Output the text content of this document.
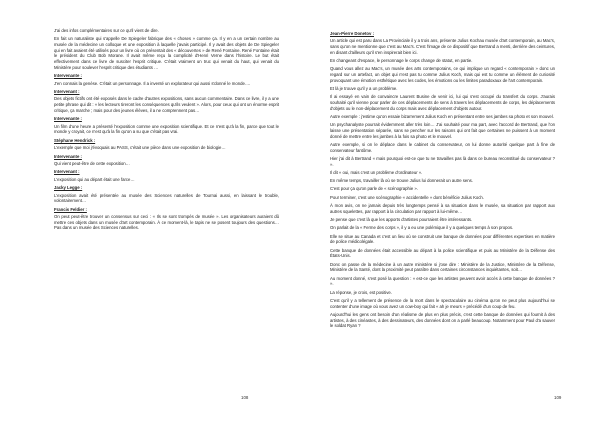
J'ai des infos complémentaires sur ce qu'il vient de dire.

En fait un naturaliste qui s'appelle De Spiegeler fabrique des « choses » comme ça. Il y en a un certain nombre au musée de la médecine un colloque et une exposition à laquelle j'avais participé. Il y avait des objets de De Spiegeler qui en fait avaient été utilisés pour un livre où on présentait des « découvertes » de René Fontaine. René Fontaine était le président du Club Bob Morane. Il avait même reçu la complicité d'Henri Verne dans l'histoire. Le but était effectivement dans ce livre de susciter l'esprit critique. C'était vraiment un truc qui venait du haut, qui venait du Ministère pour soulever l'esprit critique des étudiants …

Intervenante :

J'en connais la genèse. C'était un personnage. Il a inventé un explorateur qui aussi s'donné le monde….

Intervenant :

Des objets fictifs ont été exposés dans le cadre d'autres expositions, sans aucun commentaire. Dans ce livre, il y a une petite phrase qui dit : « les lecteurs tireront les conséquences qu'ils veulent ». Alors, pour ceux qui ont un énorme esprit critique, ça marche ; mais pour des jeunes élèves, il a ne comprennent pas…

Intervenante :

Un film d'une heure a présenté l'exposition comme une exposition scientifique. Et ce n'est qu'à la fin, parce que tout le monde y croyait, ce n'est qu'à la fin qu'on a su que c'était pas vrai.

Stéphane Hendrick :

L'exemple que moi j'évoquais au PASS, c'était une pièce dans une exposition de biologie…

Intervenante :

Qui vient peut-être de cette exposition…

Intervenant :

L'exposition qui au départ était une farce…

Jacky Legge :

L'exposition avait été présentée au musée des Sciences naturelles de Tournai aussi, en laissant le trouble, volontairement…

Francis Feldier :

On peut peut-être trouver un consensus sur ceci : « Ils se sont trompés de musée ». Les organisateurs auraient dû mettre ces objets dans un musée d'art contemporain. À ce moment-là, le tapis ne se posent toujours des questions… Pas dans un musée des Sciences naturelles.

108
Jean-Pierre Donetov :

Un article qui est paru dans La Provinciale il y a trois ans, présente Julius Kochau musée d'art contemporain, au Mac's, sans qu'on ne mentionne que c'est au Mac's. C'est l'image de ce dispositif que Bertrand a menti, derrière des ceintures, en disant d'ailleurs qu'il s'en inspirerait bien ici.

En changeant d'espace, le personnage le corps change de statut, en partie.

Quand vous allez au Mac's, un musée des arts contemporains, ce qui implique un regard « contemporain » donc un regard sur un artefact, un objet qui n'est pas tu comme Julius Koch, mais qui est tu comme un élément de curiosité provoquant une émotion esthétique avec les codes, les émotions ou les limites paradoxaux de l'art contemporain.

Et là je trouve qu'il y a un problème.

Il ai essayé en vain de convaincre Laurent Busine de venir ici, lui qui s'est occupé du transfert du corps. J'aurais souhaité qu'il vienne pour parler de ces déplacements de sens à travers les déplacements de corps, les déplacements d'objets ou le non-déplacement du corps mais avec déplacement d'objets autour.

Autre exemple : j'estime qu'on essaie bizarrement Julius Koch en présentant entre ses jambes sa photo et son mouvel.

Un psychanalyste pourrait évidemment aller très loin… J'ai souhaité pour ma part, avec l'accord de Bertrand, que l'on laisse une présentation séparée, sans se pencher sur les raisons qui ont fait que certaines ne puissent à un moment donné de mettre entre les jambes à la fois sa photo et le mouvel.

Autre exemple, si on le déplace dans le cabinet du conservateur, on lui donne autorité quelque part à fine de conservateur fantôme.

Hier j'ai dit à Bertrand « mais pourquoi est-ce que tu ne travailles pas là dans ce bureau reconstitué du conservateur ? ».

Il dit « oui, mais c'est un problème d'ordinateur ».

En même temps, travailler là où se trouve Julius lui donnerait un autre sens.

C'est pour ça qu'on parle de « scénographie ».

Pour terminer, c'est une scénographie « accidentelle » dont bénéficie Julius Koch.

À mon avis, on ne jamais depuis très longtemps pensé à sa situation dans le musée, sa situation par rapport aux autres squelettes, par rapport à la circulation par rapport à lui-même…

Je pense que c'est là que les apports d'artistes pourraient être intéressants.

On parlait de la « Ferme des corps », il y a eu une polémique il y a quelques temps à son propos.

Elle se situe au Canada et c'est un lieu où se construit une banque de données pour différentes expertises en matière de police médicolégale.

Cette banque de données était accessible au départ à la police scientifique et puis au Ministère de la Défense des États-Unis.

Donc on passe de la médecine à un autre ministère si j'ose dire : Ministère de la Justice, Ministère de la Défense, Ministère de la Santé, dont la proximité peut paraître dans certaines circonstances inquiétantes, soit…

Au moment donné, s'est posé la question : « est-ce que les artistes peuvent avoir accès à cette banque de données ? ».

La réponse, je crois, est positive.

C'est qu'il y a tellement de présence de la mort dans le spectaculaire au cinéma qu'on ne peut plus aujourd'hui se contenter d'une image où vous avez un cow-boy qui fait « ah je meurs » précédé d'un coup de feu.

Aujourd'hui les gens ont besoin d'un réalisme de plus en plus précis, c'est cette banque de données qui fournit à des artistes, à des cinéastes, à des dessinateurs, des données dont on a parlé beaucoup. Notamment pour Paul d'a sauver le soldat Ryan ?

109
